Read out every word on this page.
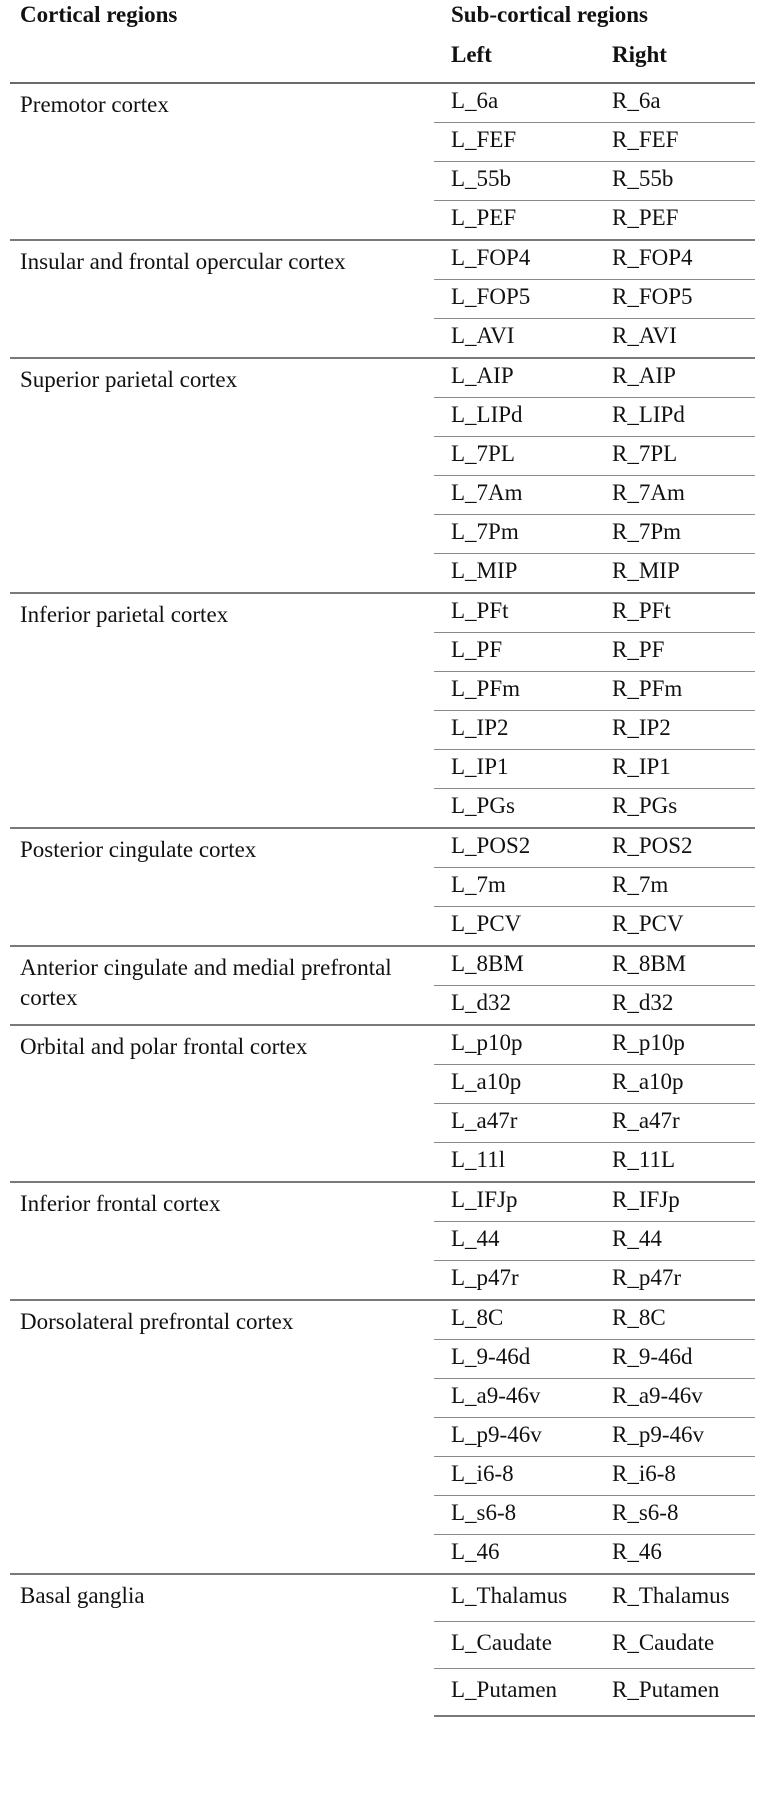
Cortical regions	Sub-cortical regions	
	Left	Right
Premotor cortex	L_6a	R_6a
	L_FEF	R_FEF
	L_55b	R_55b
	L_PEF	R_PEF
Insular and frontal opercular cortex	L_FOP4	R_FOP4
	L_FOP5	R_FOP5
	L_AVI	R_AVI
Superior parietal cortex	L_AIP	R_AIP
	L_LIPd	R_LIPd
	L_7PL	R_7PL
	L_7Am	R_7Am
	L_7Pm	R_7Pm
	L_MIP	R_MIP
Inferior parietal cortex	L_PFt	R_PFt
	L_PF	R_PF
	L_PFm	R_PFm
	L_IP2	R_IP2
	L_IP1	R_IP1
	L_PGs	R_PGs
Posterior cingulate cortex	L_POS2	R_POS2
	L_7m	R_7m
	L_PCV	R_PCV
Anterior cingulate and medial prefrontal cortex	L_8BM	R_8BM
	L_d32	R_d32
Orbital and polar frontal cortex	L_p10p	R_p10p
	L_a10p	R_a10p
	L_a47r	R_a47r
	L_11l	R_11L
Inferior frontal cortex	L_IFJp	R_IFJp
	L_44	R_44
	L_p47r	R_p47r
Dorsolateral prefrontal cortex	L_8C	R_8C
	L_9-46d	R_9-46d
	L_a9-46v	R_a9-46v
	L_p9-46v	R_p9-46v
	L_i6-8	R_i6-8
	L_s6-8	R_s6-8
	L_46	R_46
Basal ganglia	L_Thalamus	R_Thalamus
	L_Caudate	R_Caudate
	L_Putamen	R_Putamen
